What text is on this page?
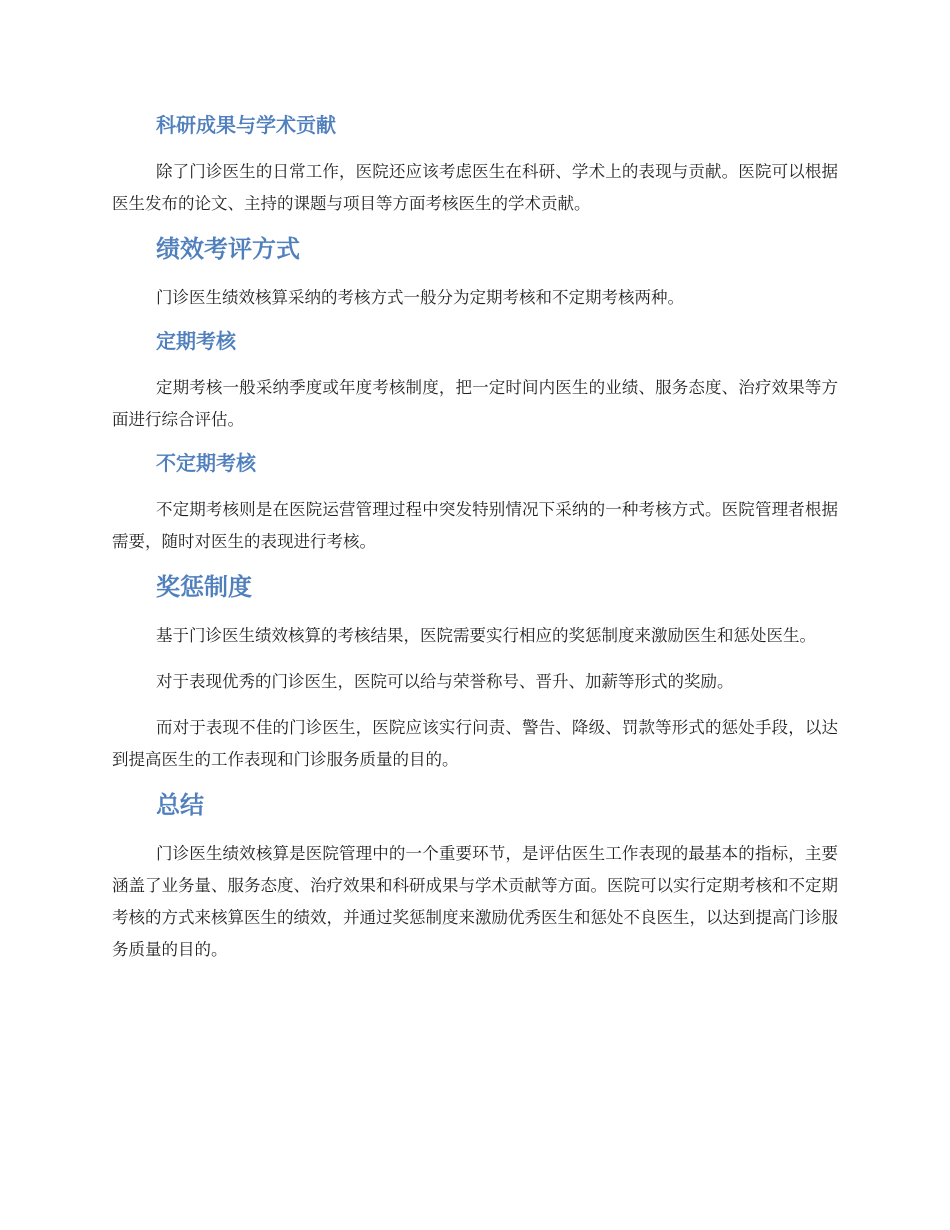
科研成果与学术贡献

除了门诊医生的日常工作，医院还应该考虑医生在科研、学术上的表现与贡献。医院可以根据医生发布的论文、主持的课题与项目等方面考核医生的学术贡献。

绩效考评方式

门诊医生绩效核算采纳的考核方式一般分为定期考核和不定期考核两种。

定期考核

定期考核一般采纳季度或年度考核制度，把一定时间内医生的业绩、服务态度、治疗效果等方面进行综合评估。

不定期考核

不定期考核则是在医院运营管理过程中突发特别情况下采纳的一种考核方式。医院管理者根据需要，随时对医生的表现进行考核。

奖惩制度

基于门诊医生绩效核算的考核结果，医院需要实行相应的奖惩制度来激励医生和惩处医生。

对于表现优秀的门诊医生，医院可以给与荣誉称号、晋升、加薪等形式的奖励。

而对于表现不佳的门诊医生，医院应该实行问责、警告、降级、罚款等形式的惩处手段，以达到提高医生的工作表现和门诊服务质量的目的。

总结

门诊医生绩效核算是医院管理中的一个重要环节，是评估医生工作表现的最基本的指标，主要涵盖了业务量、服务态度、治疗效果和科研成果与学术贡献等方面。医院可以实行定期考核和不定期考核的方式来核算医生的绩效，并通过奖惩制度来激励优秀医生和惩处不良医生，以达到提高门诊服务质量的目的。
